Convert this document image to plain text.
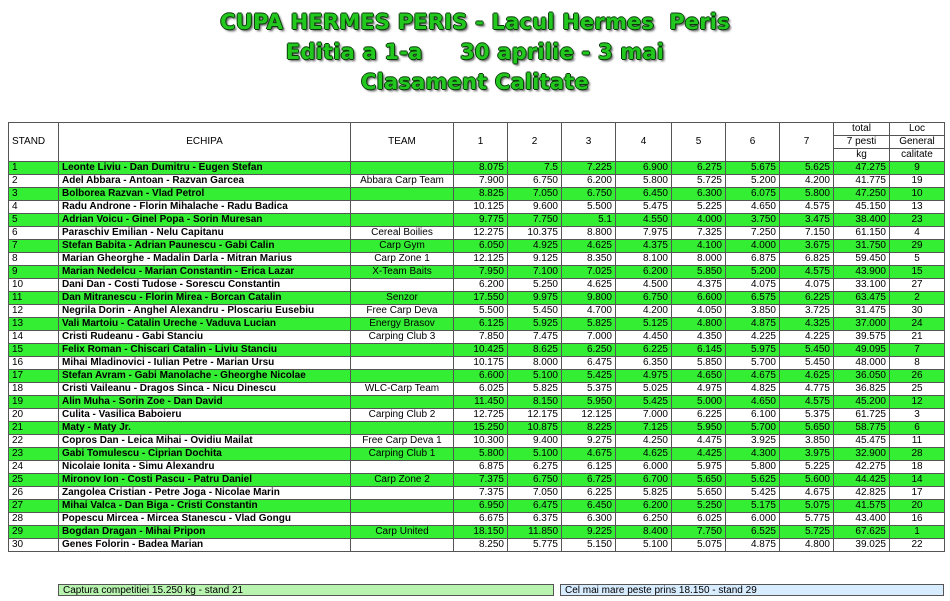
CUPA HERMES PERIS - Lacul Hermes  Peris
Editia a 1-a     30 aprilie - 3 mai
Clasament Calitate
STAND	ECHIPA	TEAM	1	2	3	4	5	6	7	total	Loc
										7 pesti	General
										kg	calitate
1	Leonte Liviu - Dan Dumitru - Eugen Stefan		8.075	7.5	7.225	6.900	6.275	5.675	5.625	47.275	9
2	Adel Abbara - Antoan - Razvan Garcea	Abbara Carp Team	7.900	6.750	6.200	5.800	5.725	5.200	4.200	41.775	19
3	Bolborea Razvan - Vlad Petrol		8.825	7.050	6.750	6.450	6.300	6.075	5.800	47.250	10
4	Radu Androne - Florin Mihalache - Radu Badica		10.125	9.600	5.500	5.475	5.225	4.650	4.575	45.150	13
5	Adrian Voicu - Ginel Popa - Sorin Muresan		9.775	7.750	5.1	4.550	4.000	3.750	3.475	38.400	23
6	Paraschiv Emilian - Nelu Capitanu	Cereal Boilies	12.275	10.375	8.800	7.975	7.325	7.250	7.150	61.150	4
7	Stefan Babita - Adrian Paunescu - Gabi Calin	Carp Gym	6.050	4.925	4.625	4.375	4.100	4.000	3.675	31.750	29
8	Marian Gheorghe - Madalin Darla - Mitran Marius	Carp Zone 1	12.125	9.125	8.350	8.100	8.000	6.875	6.825	59.450	5
9	Marian Nedelcu - Marian Constantin - Erica Lazar	X-Team Baits	7.950	7.100	7.025	6.200	5.850	5.200	4.575	43.900	15
10	Dani Dan - Costi Tudose - Sorescu Constantin		6.200	5.250	4.625	4.500	4.375	4.075	4.075	33.100	27
11	Dan Mitranescu - Florin Mirea - Borcan Catalin	Senzor	17.550	9.975	9.800	6.750	6.600	6.575	6.225	63.475	2
12	Negrila Dorin - Anghel Alexandru - Ploscariu Eusebiu	Free Carp Deva	5.500	5.450	4.700	4.200	4.050	3.850	3.725	31.475	30
13	Vali Martoiu - Catalin Ureche - Vaduva Lucian	Energy Brasov	6.125	5.925	5.825	5.125	4.800	4.875	4.325	37.000	24
14	Cristi Rudeanu - Gabi Stanciu	Carping Club 3	7.850	7.475	7.000	4.450	4.350	4.225	4.225	39.575	21
15	Felix Roman - Chiscari Catalin - Liviu Stanciu		10.425	8.625	6.250	6.225	6.145	5.975	5.450	49.095	7
16	Mihai Mladinovici - Iulian Petre - Marian Ursu		10.175	8.000	6.475	6.350	5.850	5.700	5.450	48.000	8
17	Stefan Avram - Gabi Manolache - Gheorghe Nicolae		6.600	5.100	5.425	4.975	4.650	4.675	4.625	36.050	26
18	Cristi Vaileanu - Dragos Sinca - Nicu Dinescu	WLC-Carp Team	6.025	5.825	5.375	5.025	4.975	4.825	4.775	36.825	25
19	Alin Muha - Sorin Zoe - Dan David		11.450	8.150	5.950	5.425	5.000	4.650	4.575	45.200	12
20	Culita - Vasilica Baboieru	Carping Club 2	12.725	12.175	12.125	7.000	6.225	6.100	5.375	61.725	3
21	Maty - Maty Jr.		15.250	10.875	8.225	7.125	5.950	5.700	5.650	58.775	6
22	Copros Dan - Leica Mihai - Ovidiu Mailat	Free Carp Deva 1	10.300	9.400	9.275	4.250	4.475	3.925	3.850	45.475	11
23	Gabi Tomulescu - Ciprian Dochita	Carping Club 1	5.800	5.100	4.675	4.625	4.425	4.300	3.975	32.900	28
24	Nicolaie Ionita - Simu Alexandru		6.875	6.275	6.125	6.000	5.975	5.800	5.225	42.275	18
25	Mironov Ion - Costi Pascu - Patru Daniel	Carp Zone 2	7.375	6.750	6.725	6.700	5.650	5.625	5.600	44.425	14
26	Zangolea Cristian - Petre Joga - Nicolae Marin		7.375	7.050	6.225	5.825	5.650	5.425	4.675	42.825	17
27	Mihai Valca - Dan Biga - Cristi Constantin		6.950	6.475	6.450	6.200	5.250	5.175	5.075	41.575	20
28	Popescu Mircea - Mircea Stanescu - Vlad Gongu		6.675	6.375	6.300	6.250	6.025	6.000	5.775	43.400	16
29	Bogdan Dragan - Mihai Pripon	Carp United	18.150	11.850	9.225	8.400	7.750	6.525	5.725	67.625	1
30	Genes Folorin - Badea Marian		8.250	5.775	5.150	5.100	5.075	4.875	4.800	39.025	22
Captura competitiei 15.250 kg - stand 21	Cel mai mare peste prins 18.150 - stand 29
